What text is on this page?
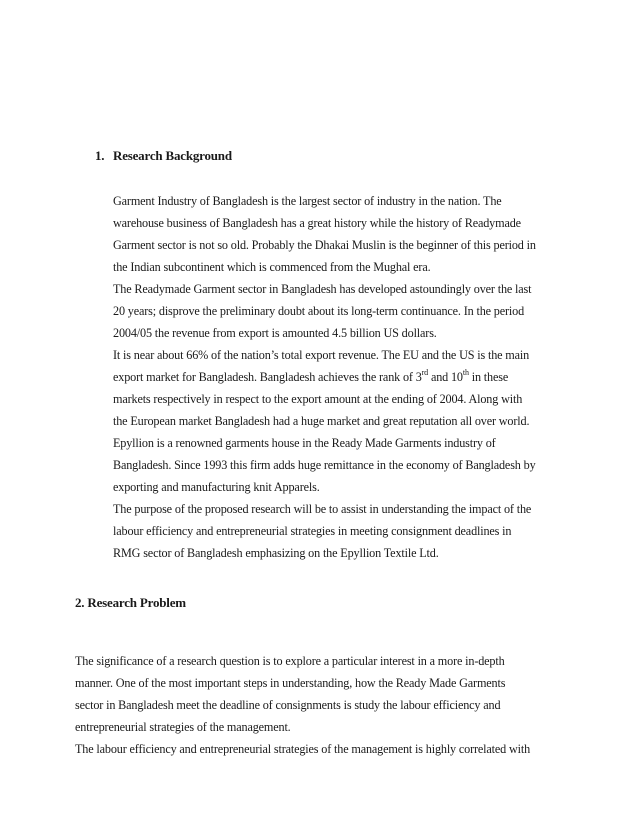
1. Research Background
Garment Industry of Bangladesh is the largest sector of industry in the nation. The
warehouse business of Bangladesh has a great history while the history of Readymade
Garment sector is not so old. Probably the Dhakai Muslin is the beginner of this period in
the Indian subcontinent which is commenced from the Mughal era.
The Readymade Garment sector in Bangladesh has developed astoundingly over the last
20 years; disprove the preliminary doubt about its long-term continuance. In the period
2004/05 the revenue from export is amounted 4.5 billion US dollars.
It is near about 66% of the nation’s total export revenue. The EU and the US is the main
export market for Bangladesh. Bangladesh achieves the rank of 3rd and 10th in these
markets respectively in respect to the export amount at the ending of 2004. Along with
the European market Bangladesh had a huge market and great reputation all over world.
Epyllion is a renowned garments house in the Ready Made Garments industry of
Bangladesh. Since 1993 this firm adds huge remittance in the economy of Bangladesh by
exporting and manufacturing knit Apparels.
The purpose of the proposed research will be to assist in understanding the impact of the
labour efficiency and entrepreneurial strategies in meeting consignment deadlines in
RMG sector of Bangladesh emphasizing on the Epyllion Textile Ltd.
2. Research Problem
The significance of a research question is to explore a particular interest in a more in-depth
manner. One of the most important steps in understanding, how the Ready Made Garments
sector in Bangladesh meet the deadline of consignments is study the labour efficiency and
entrepreneurial strategies of the management.
The labour efficiency and entrepreneurial strategies of the management is highly correlated with
